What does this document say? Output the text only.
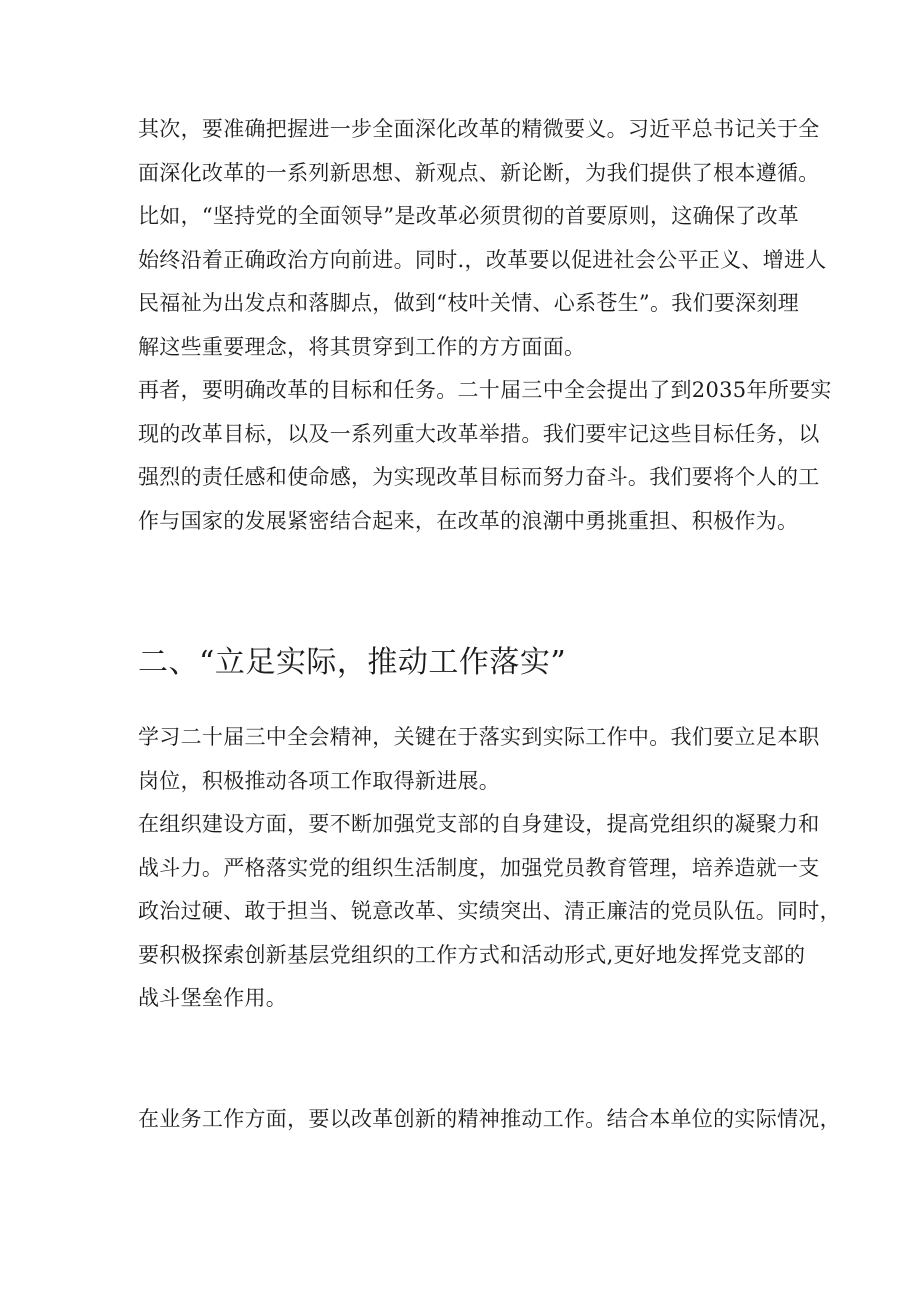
其次，要准确把握进一步全面深化改革的精微要义。习近平总书记关于全
面深化改革的一系列新思想、新观点、新论断，为我们提供了根本遵循。
比如，“坚持党的全面领导”是改革必须贯彻的首要原则，这确保了改革
始终沿着正确政治方向前进。同时.，改革要以促进社会公平正义、增进人
民福祉为出发点和落脚点，做到“枝叶关情、心系苍生”。我们要深刻理
解这些重要理念，将其贯穿到工作的方方面面。

再者，要明确改革的目标和任务。二十届三中全会提出了到2035年所要实
现的改革目标，以及一系列重大改革举措。我们要牢记这些目标任务，以
强烈的责任感和使命感，为实现改革目标而努力奋斗。我们要将个人的工
作与国家的发展紧密结合起来，在改革的浪潮中勇挑重担、积极作为。

二、“立足实际，推动工作落实”

学习二十届三中全会精神，关键在于落实到实际工作中。我们要立足本职
岗位，积极推动各项工作取得新进展。

在组织建设方面，要不断加强党支部的自身建设，提高党组织的凝聚力和
战斗力。严格落实党的组织生活制度，加强党员教育管理，培养造就一支
政治过硬、敢于担当、锐意改革、实绩突出、清正廉洁的党员队伍。同时，
要积极探索创新基层党组织的工作方式和活动形式,更好地发挥党支部的
战斗堡垒作用。

在业务工作方面，要以改革创新的精神推动工作。结合本单位的实际情况，
